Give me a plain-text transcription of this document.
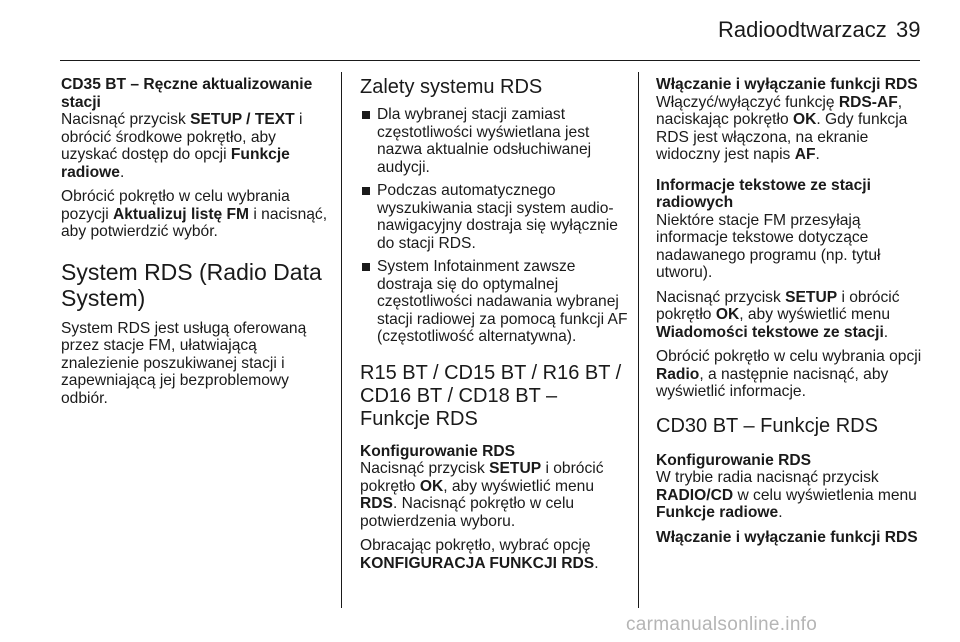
Radioodtwarzacz 39
CD35 BT – Ręczne aktualizowanie stacji

Nacisnąć przycisk SETUP / TEXT i obrócić środkowe pokrętło, aby uzyskać dostęp do opcji Funkcje radiowe.

Obrócić pokrętło w celu wybrania pozycji Aktualizuj listę FM i nacisnąć, aby potwierdzić wybór.

System RDS (Radio Data System)

System RDS jest usługą oferowaną przez stacje FM, ułatwiającą znalezienie poszukiwanej stacji i zapewniającą jej bezproblemowy odbiór.

Zalety systemu RDS
Dla wybranej stacji zamiast częstotliwości wyświetlana jest nazwa aktualnie odsłuchiwanej audycji.
Podczas automatycznego wyszukiwania stacji system audio-nawigacyjny dostraja się wyłącznie do stacji RDS.
System Infotainment zawsze dostraja się do optymalnej częstotliwości nadawania wybranej stacji radiowej za pomocą funkcji AF (częstotliwość alternatywna).
R15 BT / CD15 BT / R16 BT / CD16 BT / CD18 BT – Funkcje RDS
Konfigurowanie RDS

Nacisnąć przycisk SETUP i obrócić pokrętło OK, aby wyświetlić menu RDS. Nacisnąć pokrętło w celu potwierdzenia wyboru.

Obracając pokrętło, wybrać opcję KONFIGURACJA FUNKCJI RDS.

Włączanie i wyłączanie funkcji RDS

Włączyć/wyłączyć funkcję RDS-AF, naciskając pokrętło OK. Gdy funkcja RDS jest włączona, na ekranie widoczny jest napis AF.

Informacje tekstowe ze stacji radiowych

Niektóre stacje FM przesyłają informacje tekstowe dotyczące nadawanego programu (np. tytuł utworu).

Nacisnąć przycisk SETUP i obrócić pokrętło OK, aby wyświetlić menu Wiadomości tekstowe ze stacji.

Obrócić pokrętło w celu wybrania opcji Radio, a następnie nacisnąć, aby wyświetlić informacje.

CD30 BT – Funkcje RDS
Konfigurowanie RDS

W trybie radia nacisnąć przycisk RADIO/CD w celu wyświetlenia menu Funkcje radiowe.

Włączanie i wyłączanie funkcji RDS
carmanualsonline.info
